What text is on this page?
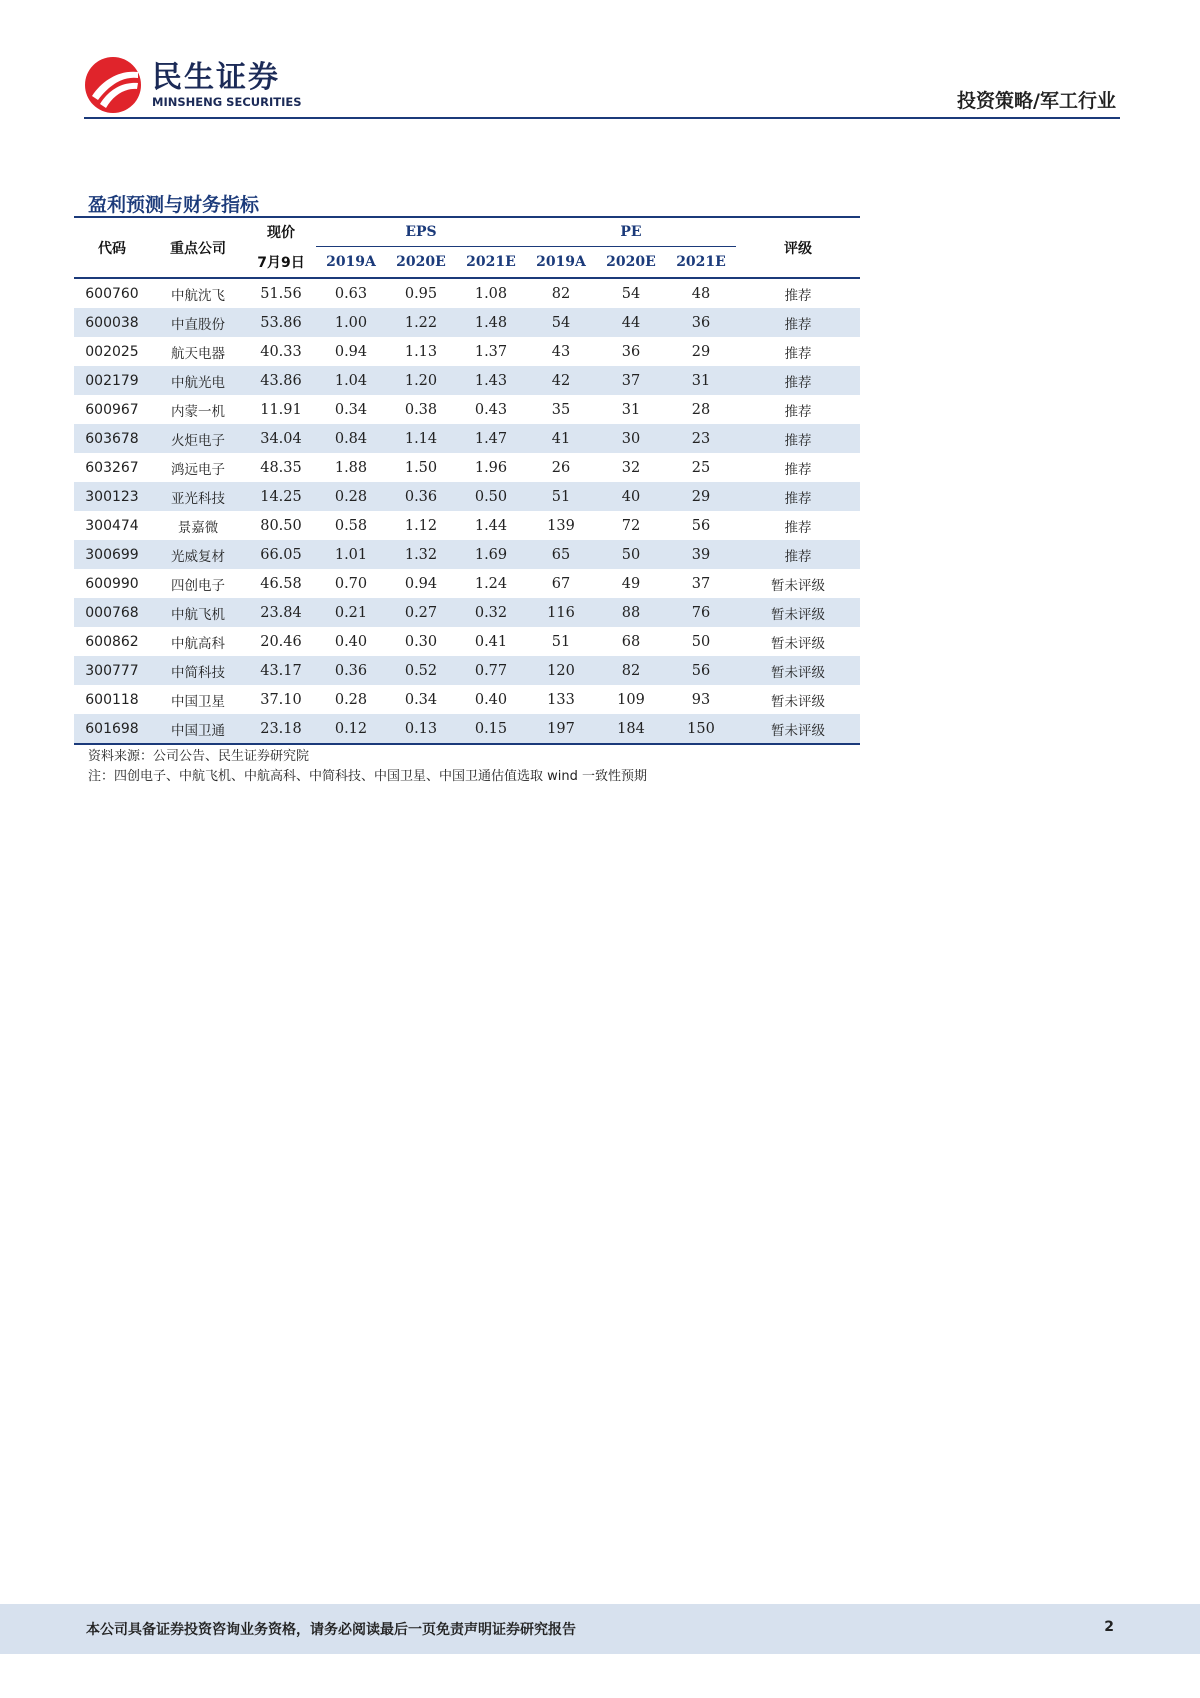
民生证券
MINSHENG SECURITIES	投资策略/军工行业
盈利预测与财务指标
代码	重点公司	现价	EPS			PE			评级
		7月9日	2019A	2020E	2021E	2019A	2020E	2021E	
600760	中航沈飞	51.56	0.63	0.95	1.08	82	54	48	推荐
600038	中直股份	53.86	1.00	1.22	1.48	54	44	36	推荐
002025	航天电器	40.33	0.94	1.13	1.37	43	36	29	推荐
002179	中航光电	43.86	1.04	1.20	1.43	42	37	31	推荐
600967	内蒙一机	11.91	0.34	0.38	0.43	35	31	28	推荐
603678	火炬电子	34.04	0.84	1.14	1.47	41	30	23	推荐
603267	鸿远电子	48.35	1.88	1.50	1.96	26	32	25	推荐
300123	亚光科技	14.25	0.28	0.36	0.50	51	40	29	推荐
300474	景嘉微	80.50	0.58	1.12	1.44	139	72	56	推荐
300699	光威复材	66.05	1.01	1.32	1.69	65	50	39	推荐
600990	四创电子	46.58	0.70	0.94	1.24	67	49	37	暂未评级
000768	中航飞机	23.84	0.21	0.27	0.32	116	88	76	暂未评级
600862	中航高科	20.46	0.40	0.30	0.41	51	68	50	暂未评级
300777	中简科技	43.17	0.36	0.52	0.77	120	82	56	暂未评级
600118	中国卫星	37.10	0.28	0.34	0.40	133	109	93	暂未评级
601698	中国卫通	23.18	0.12	0.13	0.15	197	184	150	暂未评级
资料来源：公司公告、民生证券研究院
注：四创电子、中航飞机、中航高科、中简科技、中国卫星、中国卫通估值选取 wind 一致性预期
本公司具备证券投资咨询业务资格，请务必阅读最后一页免责声明证券研究报告	2
